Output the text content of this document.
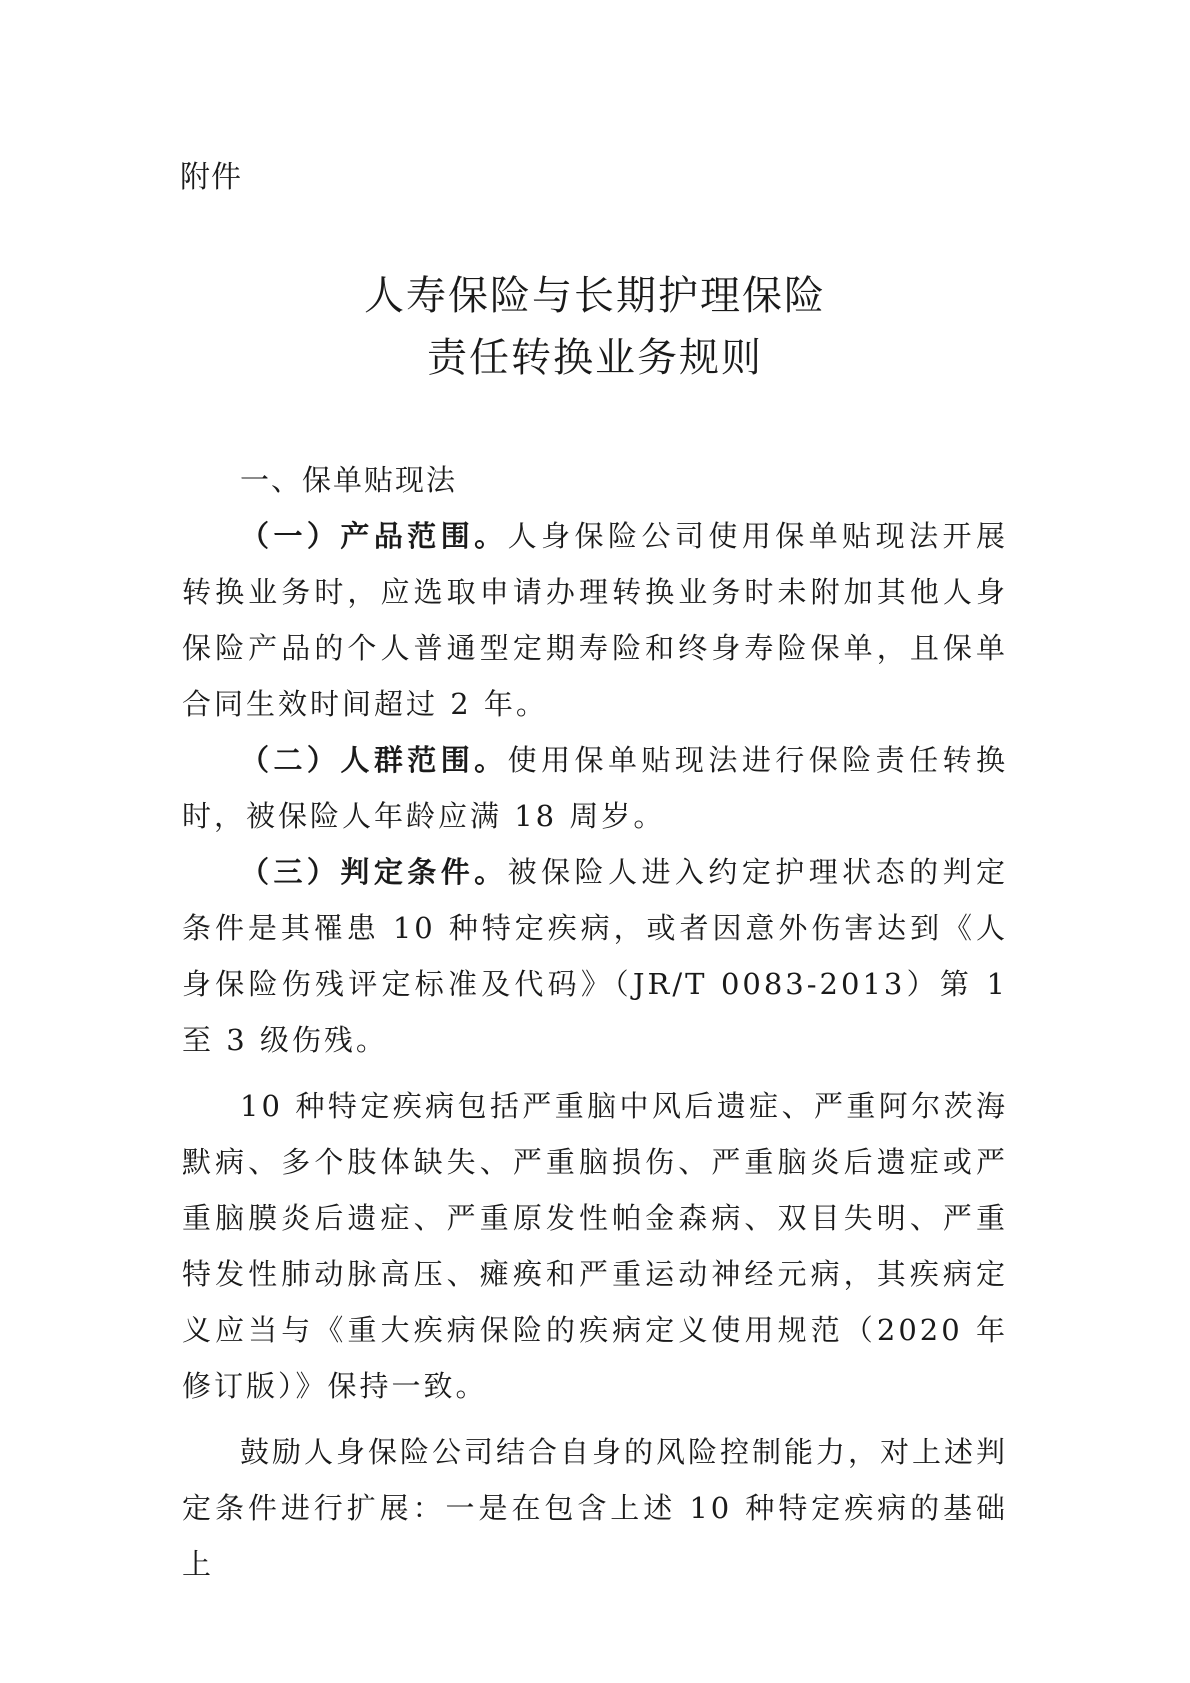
附件
人寿保险与长期护理保险
责任转换业务规则

一、保单贴现法

（一）产品范围。人身保险公司使用保单贴现法开展转换业务时，应选取申请办理转换业务时未附加其他人身保险产品的个人普通型定期寿险和终身寿险保单，且保单合同生效时间超过 2 年。

（二）人群范围。使用保单贴现法进行保险责任转换时，被保险人年龄应满 18 周岁。

（三）判定条件。被保险人进入约定护理状态的判定条件是其罹患 10 种特定疾病，或者因意外伤害达到《人身保险伤残评定标准及代码》（JR/T 0083-2013）第 1 至 3 级伤残。

10 种特定疾病包括严重脑中风后遗症、严重阿尔茨海默病、多个肢体缺失、严重脑损伤、严重脑炎后遗症或严重脑膜炎后遗症、严重原发性帕金森病、双目失明、严重特发性肺动脉高压、瘫痪和严重运动神经元病，其疾病定义应当与《重大疾病保险的疾病定义使用规范（2020 年修订版）》保持一致。

鼓励人身保险公司结合自身的风险控制能力，对上述判定条件进行扩展：一是在包含上述 10 种特定疾病的基础上
